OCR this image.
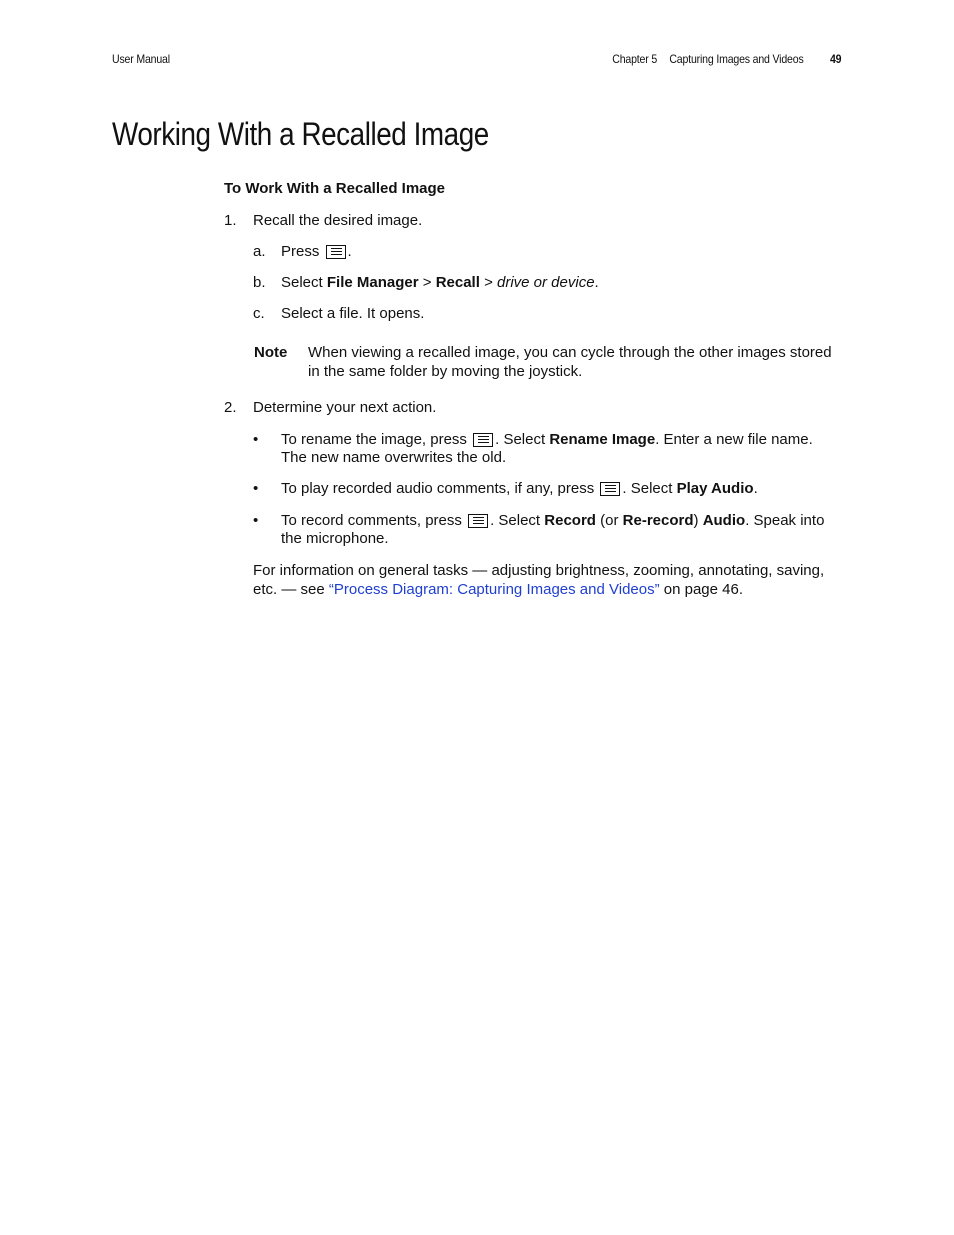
User Manual	Chapter 5 Capturing Images and Videos 49
Working With a Recalled Image
To Work With a Recalled Image
1. Recall the desired image.
a. Press .
b. Select File Manager > Recall > drive or device.
c. Select a file. It opens.
Note When viewing a recalled image, you can cycle through the other images stored in the same folder by moving the joystick.
2. Determine your next action.
• To rename the image, press . Select Rename Image. Enter a new file name.
The new name overwrites the old.
• To play recorded audio comments, if any, press . Select Play Audio.
• To record comments, press . Select Record (or Re-record) Audio. Speak into
the microphone.
For information on general tasks — adjusting brightness, zooming, annotating, saving,
etc. — see “Process Diagram: Capturing Images and Videos” on page 46.
